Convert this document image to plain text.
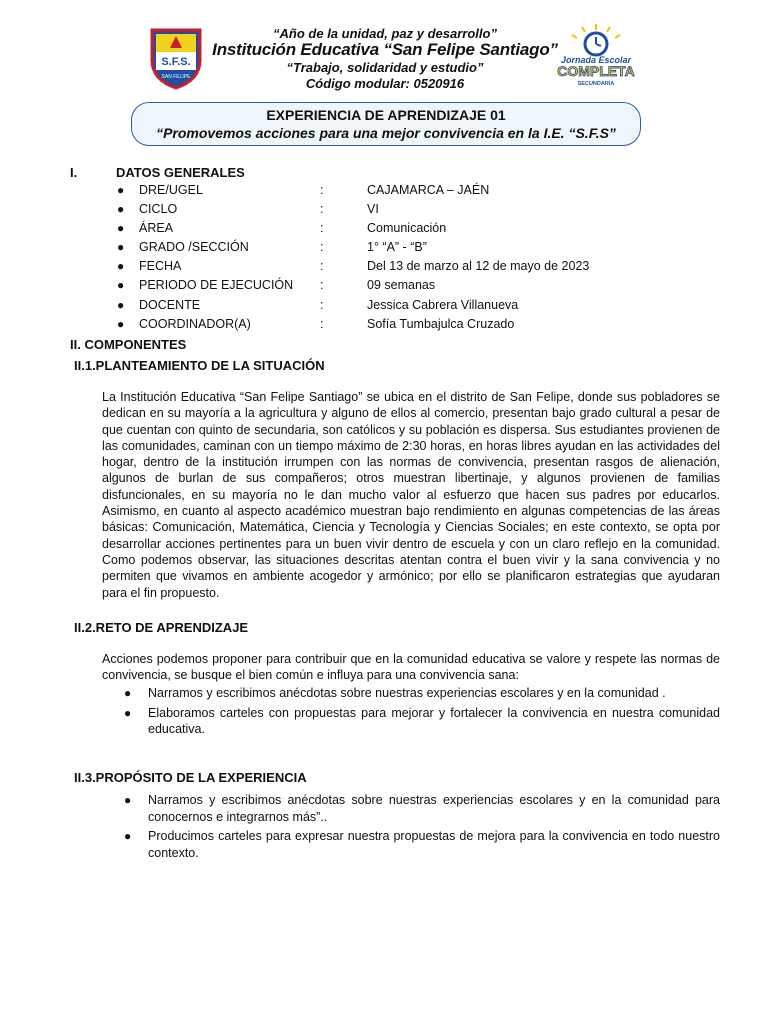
S.F.S.
SAN FELIPE
“Año de la unidad, paz y desarrollo”
Institución Educativa “San Felipe Santiago”
“Trabajo, solidaridad y estudio”
Código modular: 0520916
Jornada Escolar
COMPLETA
SECUNDARIA
EXPERIENCIA DE APRENDIZAJE 01
“Promovemos acciones para una mejor convivencia en la I.E. “S.F.S”
I.	DATOS GENERALES
● DRE/UGEL	:	CAJAMARCA – JAÉN
● CICLO	:	VI
● ÁREA	:	Comunicación
● GRADO /SECCIÓN	:	1° “A” - “B”
● FECHA	:	Del 13 de marzo al 12 de mayo de 2023
● PERIODO DE EJECUCIÓN :	09 semanas
● DOCENTE	:	Jessica Cabrera Villanueva
● COORDINADOR(A)	:	Sofía Tumbajulca Cruzado
II. COMPONENTES
II.1.PLANTEAMIENTO DE LA SITUACIÓN

La Institución Educativa “San Felipe Santiago” se ubica en el distrito de San Felipe, donde sus pobladores se dedican en su mayoría a la agricultura y alguno de ellos al comercio, presentan bajo grado cultural a pesar de que cuentan con quinto de secundaria, son católicos y su población es dispersa. Sus estudiantes provienen de las comunidades, caminan con un tiempo máximo de 2:30 horas, en horas libres ayudan en las actividades del hogar, dentro de la institución irrumpen con las normas de convivencia, presentan rasgos de alienación, algunos de burlan de sus compañeros; otros muestran libertinaje, y algunos provienen de familias disfuncionales, en su mayoría no le dan mucho valor al esfuerzo que hacen sus padres por educarlos. Asimismo, en cuanto al aspecto académico muestran bajo rendimiento en algunas competencias de las áreas básicas: Comunicación, Matemática, Ciencia y Tecnología y Ciencias Sociales; en este contexto, se opta por desarrollar acciones pertinentes para un buen vivir dentro de escuela y con un claro reflejo en la comunidad. Como podemos observar, las situaciones descritas atentan contra el buen vivir y la sana convivencia y no permiten que vivamos en ambiente acogedor y armónico; por ello se planificaron estrategias que ayudaran para el fin propuesto.

II.2.RETO DE APRENDIZAJE

Acciones podemos proponer para contribuir que en la comunidad educativa se valore y respete las normas de convivencia, se busque el bien común e influya para una convivencia sana:

● Narramos y escribimos anécdotas sobre nuestras experiencias escolares y en la comunidad .
● Elaboramos carteles con propuestas para mejorar y fortalecer la convivencia en nuestra comunidad educativa.
II.3.PROPÓSITO DE LA EXPERIENCIA
● Narramos y escribimos anécdotas sobre nuestras experiencias escolares y en la comunidad para conocernos e integrarnos más”..
● Producimos carteles para expresar nuestra propuestas de mejora para la convivencia en todo nuestro contexto.
